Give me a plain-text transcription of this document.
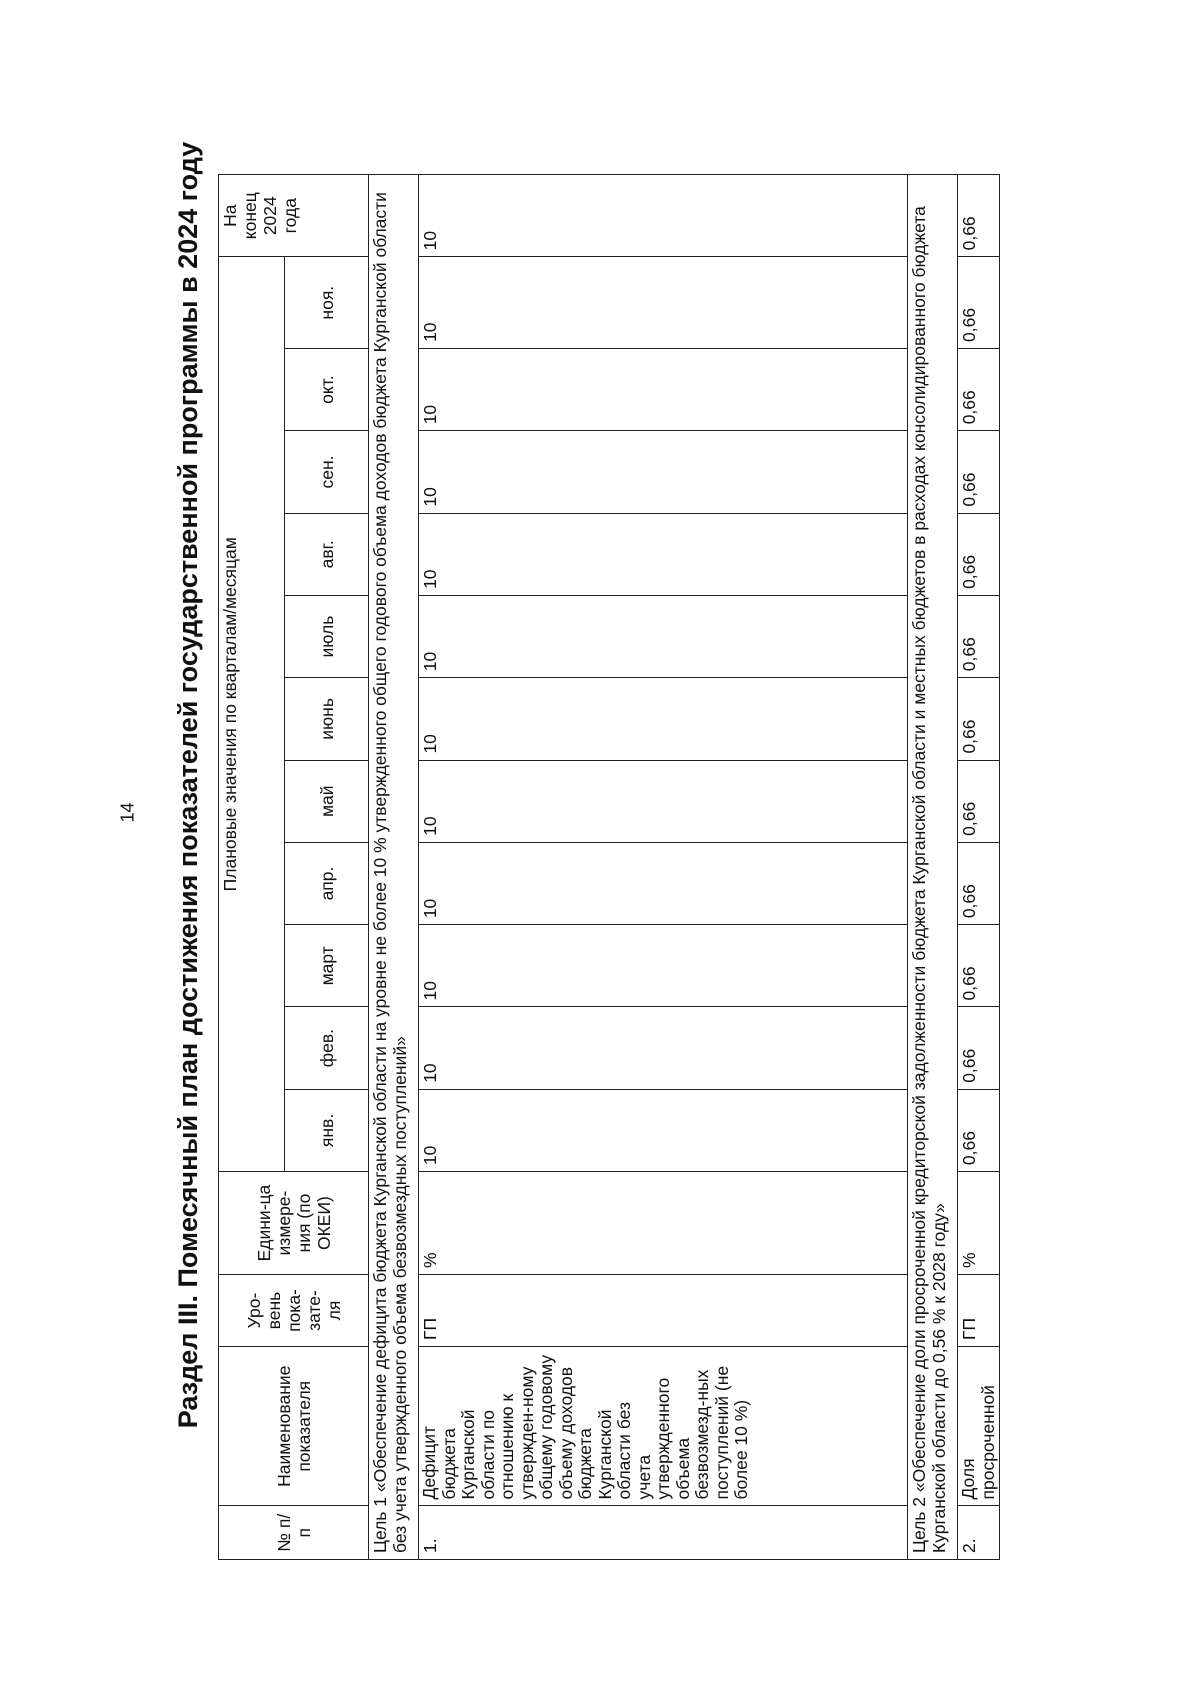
14 Раздел III. Помесячный план достижения показателей государственной программы в 2024 году
№ п/п	Наименование показателя	Уро-вень пока-зате-ля	Едини-ца измере-ния (по ОКЕИ)	Плановые значения по кварталам/месяцам											На конец 2024 года
				янв.	фев.	март	апр.	май	июнь	июль	авг.	сен.	окт.	ноя.	
Цель 1 «Обеспечение дефицита бюджета Курганской области на уровне не более 10 % утвержденного общего годового объема доходов бюджета Курганской области без учета утвержденного объема безвозмездных поступлений»															
1.	Дефицит бюджета Курганской области по отношению к утвержден-ному общему годовому объему доходов бюджета Курганской области без учета утвержденного объема безвозмезд-ных поступлений (не более 10 %)	ГП	%	10	10	10	10	10	10	10	10	10	10	10	10
Цель 2 «Обеспечение доли просроченной кредиторской задолженности бюджета Курганской области и местных бюджетов в расходах консолидированного бюджета Курганской области до 0,56 % к 2028 году»															
2.	Доля просроченной	ГП	%	0,66	0,66	0,66	0,66	0,66	0,66	0,66	0,66	0,66	0,66	0,66	0,66
